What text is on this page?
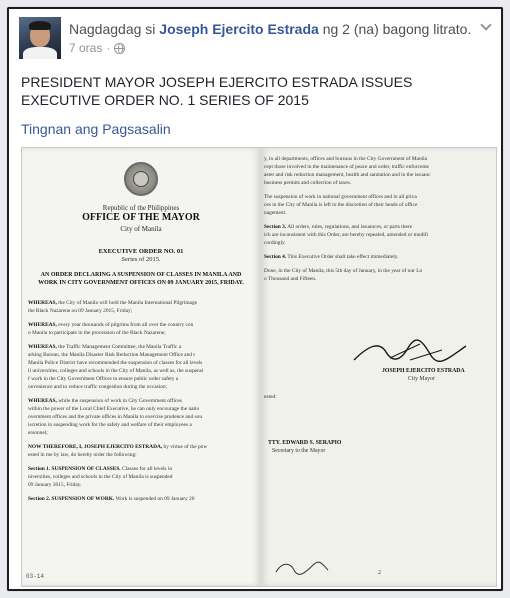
Nagdagdag si Joseph Ejercito Estrada ng 2 (na) bagong litrato.
7 oras ·
PRESIDENT MAYOR JOSEPH EJERCITO ESTRADA ISSUES EXECUTIVE ORDER NO. 1 SERIES OF 2015
Tingnan ang Pagsasalin
Republic of the Philippines
OFFICE OF THE MAYOR
City of Manila
EXECUTIVE ORDER NO. 01
Series of 2015.
AN ORDER DECLARING A SUSPENSION OF CLASSES IN MANILA AND
WORK IN CITY GOVERNMENT OFFICES ON 09 JANUARY 2015, FRIDAY.
WHEREAS, the City of Manila will hold the Manila International Pilgrimage
the Black Nazarene on 09 January 2015, Friday;
WHEREAS, every year thousands of pilgrims from all over the country con
o Manila to participate in the procession of the Black Nazarene;
WHEREAS, the Traffic Management Committee, the Manila Traffic a
arking Bureau, the Manila Disaster Risk Reduction Management Office and t
Manila Police District have recommended the suspension of classes for all levels
ll universities, colleges and schools in the City of Manila, as well as, the suspensi
f work in the City Government Offices to ensure public order safety a
onvenience and to reduce traffic congestion during the occasion;
WHEREAS, while the suspension of work in City Government offices
within the power of the Local Chief Executive, he can only encourage the natio
overnment offices and the private offices in Manila to exercise prudence and sou
iscretion in suspending work for the safety and welfare of their employees a
ersonnel;
NOW THEREFORE, I, JOSEPH EJERCITO ESTRADA, by virtue of the pow
ested in me by law, do hereby order the following:
Section 1. SUSPENSION OF CLASSES. Classes for all levels in
niversities, colleges and schools in the City of Manila is suspended
09 January 2015, Friday.
Section 2. SUSPENSION OF WORK. Work is suspended on 09 January 20
03-14
y, in all departments, offices and bureaus in the City Government of Manila
cept those involved in the maintenance of peace and order, traffic enforceme
aster and risk reduction management, health and sanitation and in the issuanc
business permits and collection of taxes.
The suspension of work in national government offices and in all priva
ces in the City of Manila is left to the discretion of their heads of office
nagement.
Section 3. All orders, rules, regulations, and issuances, or parts there
ich are inconsistent with this Order, are hereby repealed, amended or modifi
cordingly.
Section 4. This Executive Order shall take effect immediately.
Done, in the City of Manila, this 5th day of January, in the year of our Lo
o Thousand and Fifteen.
JOSEPH EJERCITO ESTRADA
City Mayor
ested:
TTY. EDWARD S. SERAPIO
Secretary to the Mayor
2
